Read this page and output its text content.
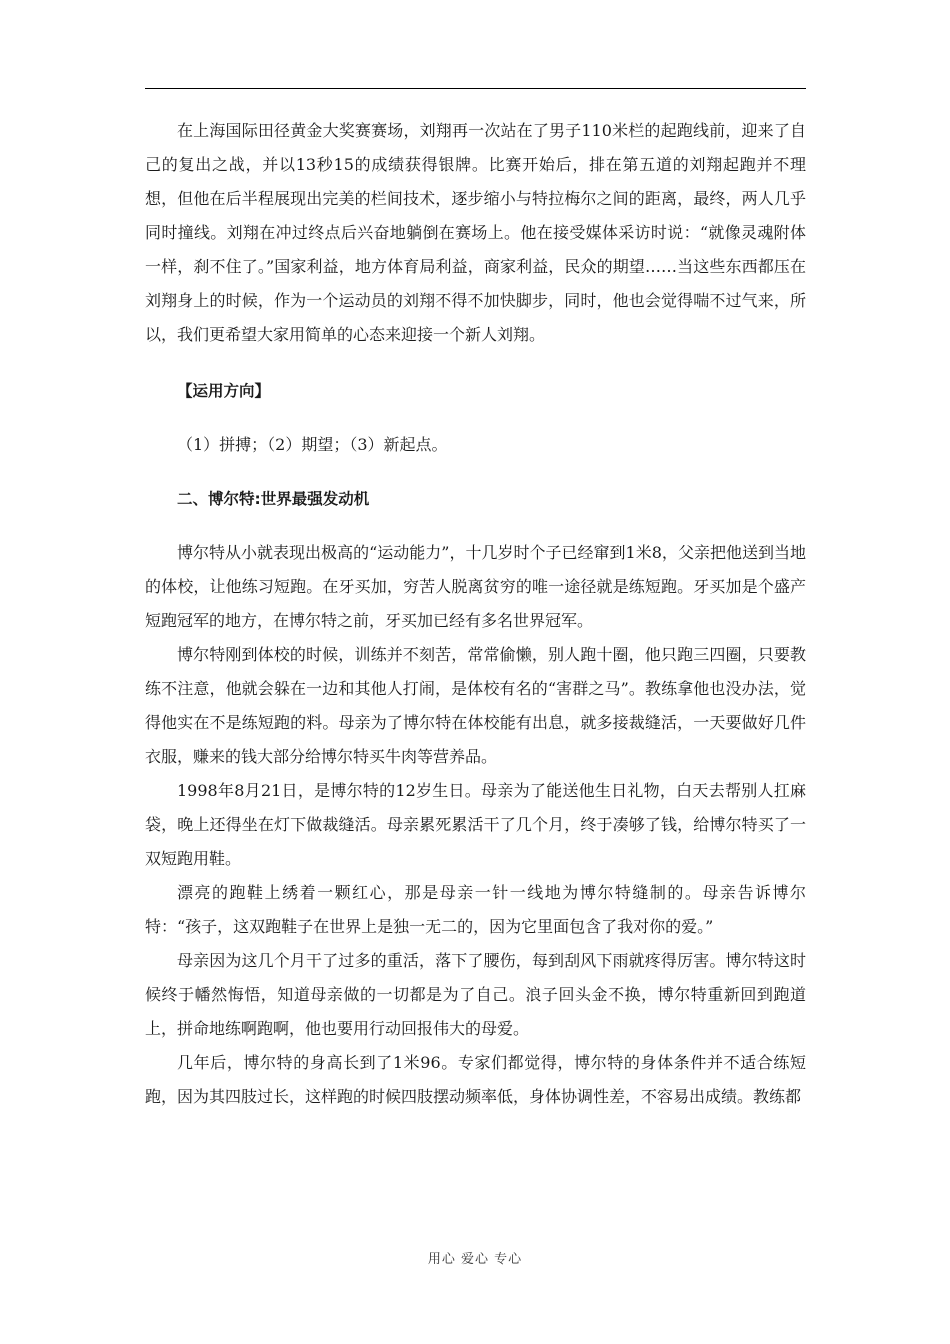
在上海国际田径黄金大奖赛赛场，刘翔再一次站在了男子110米栏的起跑线前，迎来了自己的复出之战，并以13秒15的成绩获得银牌。比赛开始后，排在第五道的刘翔起跑并不理想，但他在后半程展现出完美的栏间技术，逐步缩小与特拉梅尔之间的距离，最终，两人几乎同时撞线。刘翔在冲过终点后兴奋地躺倒在赛场上。他在接受媒体采访时说：“就像灵魂附体一样，刹不住了。”国家利益，地方体育局利益，商家利益，民众的期望……当这些东西都压在刘翔身上的时候，作为一个运动员的刘翔不得不加快脚步，同时，他也会觉得喘不过气来，所以，我们更希望大家用简单的心态来迎接一个新人刘翔。

【运用方向】

（1）拼搏；（2）期望；（3）新起点。

二、博尔特:世界最强发动机

博尔特从小就表现出极高的“运动能力”，十几岁时个子已经窜到1米8，父亲把他送到当地的体校，让他练习短跑。在牙买加，穷苦人脱离贫穷的唯一途径就是练短跑。牙买加是个盛产短跑冠军的地方，在博尔特之前，牙买加已经有多名世界冠军。

博尔特刚到体校的时候，训练并不刻苦，常常偷懒，别人跑十圈，他只跑三四圈，只要教练不注意，他就会躲在一边和其他人打闹，是体校有名的“害群之马”。教练拿他也没办法，觉得他实在不是练短跑的料。母亲为了博尔特在体校能有出息，就多接裁缝活，一天要做好几件衣服，赚来的钱大部分给博尔特买牛肉等营养品。

1998年8月21日，是博尔特的12岁生日。母亲为了能送他生日礼物，白天去帮别人扛麻袋，晚上还得坐在灯下做裁缝活。母亲累死累活干了几个月，终于凑够了钱，给博尔特买了一双短跑用鞋。

漂亮的跑鞋上绣着一颗红心，那是母亲一针一线地为博尔特缝制的。母亲告诉博尔特：“孩子，这双跑鞋子在世界上是独一无二的，因为它里面包含了我对你的爱。”

母亲因为这几个月干了过多的重活，落下了腰伤，每到刮风下雨就疼得厉害。博尔特这时候终于幡然悔悟，知道母亲做的一切都是为了自己。浪子回头金不换，博尔特重新回到跑道上，拼命地练啊跑啊，他也要用行动回报伟大的母爱。

几年后，博尔特的身高长到了1米96。专家们都觉得，博尔特的身体条件并不适合练短跑，因为其四肢过长，这样跑的时候四肢摆动频率低，身体协调性差，不容易出成绩。教练都

用心 爱心 专心
